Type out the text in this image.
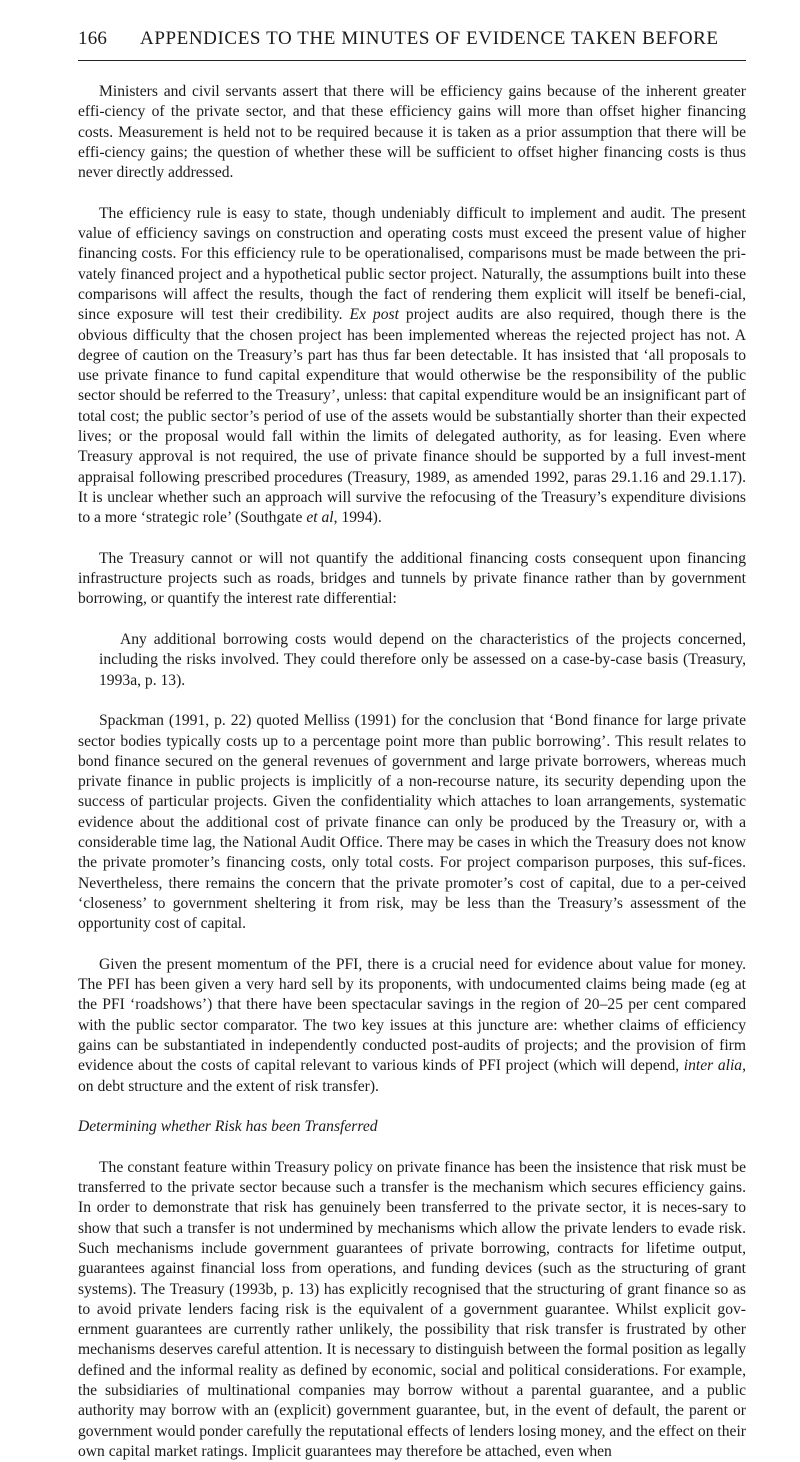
166	APPENDICES TO THE MINUTES OF EVIDENCE TAKEN BEFORE

Ministers and civil servants assert that there will be efficiency gains because of the inherent greater effi-ciency of the private sector, and that these efficiency gains will more than offset higher financing costs. Measurement is held not to be required because it is taken as a prior assumption that there will be effi-ciency gains; the question of whether these will be sufficient to offset higher financing costs is thus never directly addressed.

The efficiency rule is easy to state, though undeniably difficult to implement and audit. The present value of efficiency savings on construction and operating costs must exceed the present value of higher financing costs. For this efficiency rule to be operationalised, comparisons must be made between the pri-vately financed project and a hypothetical public sector project. Naturally, the assumptions built into these comparisons will affect the results, though the fact of rendering them explicit will itself be benefi-cial, since exposure will test their credibility. Ex post project audits are also required, though there is the obvious difficulty that the chosen project has been implemented whereas the rejected project has not. A degree of caution on the Treasury’s part has thus far been detectable. It has insisted that ‘all proposals to use private finance to fund capital expenditure that would otherwise be the responsibility of the public sector should be referred to the Treasury’, unless: that capital expenditure would be an insignificant part of total cost; the public sector’s period of use of the assets would be substantially shorter than their expected lives; or the proposal would fall within the limits of delegated authority, as for leasing. Even where Treasury approval is not required, the use of private finance should be supported by a full invest-ment appraisal following prescribed procedures (Treasury, 1989, as amended 1992, paras 29.1.16 and 29.1.17). It is unclear whether such an approach will survive the refocusing of the Treasury’s expenditure divisions to a more ‘strategic role’ (Southgate et al, 1994).

The Treasury cannot or will not quantify the additional financing costs consequent upon financing infrastructure projects such as roads, bridges and tunnels by private finance rather than by government borrowing, or quantify the interest rate differential:

Any additional borrowing costs would depend on the characteristics of the projects concerned, including the risks involved. They could therefore only be assessed on a case-by-case basis (Treasury, 1993a, p. 13).

Spackman (1991, p. 22) quoted Melliss (1991) for the conclusion that ‘Bond finance for large private sector bodies typically costs up to a percentage point more than public borrowing’. This result relates to bond finance secured on the general revenues of government and large private borrowers, whereas much private finance in public projects is implicitly of a non-recourse nature, its security depending upon the success of particular projects. Given the confidentiality which attaches to loan arrangements, systematic evidence about the additional cost of private finance can only be produced by the Treasury or, with a considerable time lag, the National Audit Office. There may be cases in which the Treasury does not know the private promoter’s financing costs, only total costs. For project comparison purposes, this suf-fices. Nevertheless, there remains the concern that the private promoter’s cost of capital, due to a per-ceived ‘closeness’ to government sheltering it from risk, may be less than the Treasury’s assessment of the opportunity cost of capital.

Given the present momentum of the PFI, there is a crucial need for evidence about value for money. The PFI has been given a very hard sell by its proponents, with undocumented claims being made (eg at the PFI ‘roadshows’) that there have been spectacular savings in the region of 20–25 per cent compared with the public sector comparator. The two key issues at this juncture are: whether claims of efficiency gains can be substantiated in independently conducted post-audits of projects; and the provision of firm evidence about the costs of capital relevant to various kinds of PFI project (which will depend, inter alia, on debt structure and the extent of risk transfer).

Determining whether Risk has been Transferred

The constant feature within Treasury policy on private finance has been the insistence that risk must be transferred to the private sector because such a transfer is the mechanism which secures efficiency gains. In order to demonstrate that risk has genuinely been transferred to the private sector, it is neces-sary to show that such a transfer is not undermined by mechanisms which allow the private lenders to evade risk. Such mechanisms include government guarantees of private borrowing, contracts for lifetime output, guarantees against financial loss from operations, and funding devices (such as the structuring of grant systems). The Treasury (1993b, p. 13) has explicitly recognised that the structuring of grant finance so as to avoid private lenders facing risk is the equivalent of a government guarantee. Whilst explicit gov-ernment guarantees are currently rather unlikely, the possibility that risk transfer is frustrated by other mechanisms deserves careful attention. It is necessary to distinguish between the formal position as legally defined and the informal reality as defined by economic, social and political considerations. For example, the subsidiaries of multinational companies may borrow without a parental guarantee, and a public authority may borrow with an (explicit) government guarantee, but, in the event of default, the parent or government would ponder carefully the reputational effects of lenders losing money, and the effect on their own capital market ratings. Implicit guarantees may therefore be attached, even when
